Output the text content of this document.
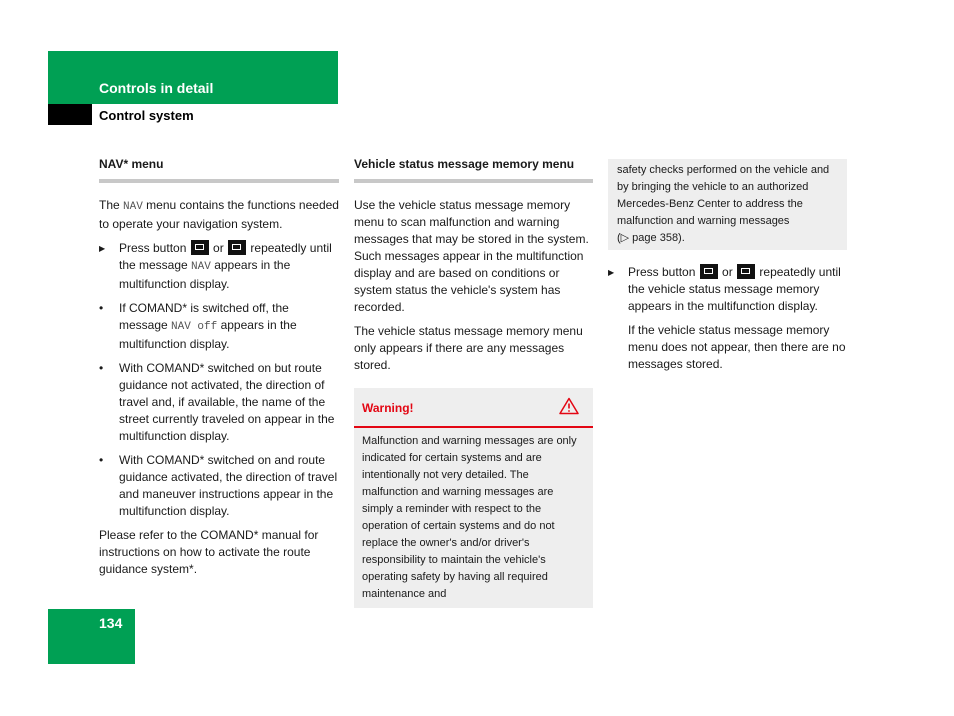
Controls in detail
Control system
NAV* menu

The NAV menu contains the functions needed to operate your navigation system.

▶ Press button  or  repeatedly until the message NAV appears in the multifunction display.
• If COMAND* is switched off, the message NAV off appears in the multifunction display.
• With COMAND* switched on but route guidance not activated, the direction of travel and, if available, the name of the street currently traveled on appear in the multifunction display.
• With COMAND* switched on and route guidance activated, the direction of travel and maneuver instructions appear in the multifunction display.

Please refer to the COMAND* manual for instructions on how to activate the route guidance system*.

Vehicle status message memory menu

Use the vehicle status message memory menu to scan malfunction and warning messages that may be stored in the system. Such messages appear in the multifunction display and are based on conditions or system status the vehicle's system has recorded.

The vehicle status message memory menu only appears if there are any messages stored.

Warning!
Malfunction and warning messages are only indicated for certain systems and are intentionally not very detailed. The malfunction and warning messages are simply a reminder with respect to the operation of certain systems and do not replace the owner's and/or driver's responsibility to maintain the vehicle's operating safety by having all required maintenance and
safety checks performed on the vehicle and by bringing the vehicle to an authorized Mercedes-Benz Center to address the malfunction and warning messages
(▷ page 358).
▶ Press button  or  repeatedly until the vehicle status message memory appears in the multifunction display.
If the vehicle status message memory menu does not appear, then there are no messages stored.
134
